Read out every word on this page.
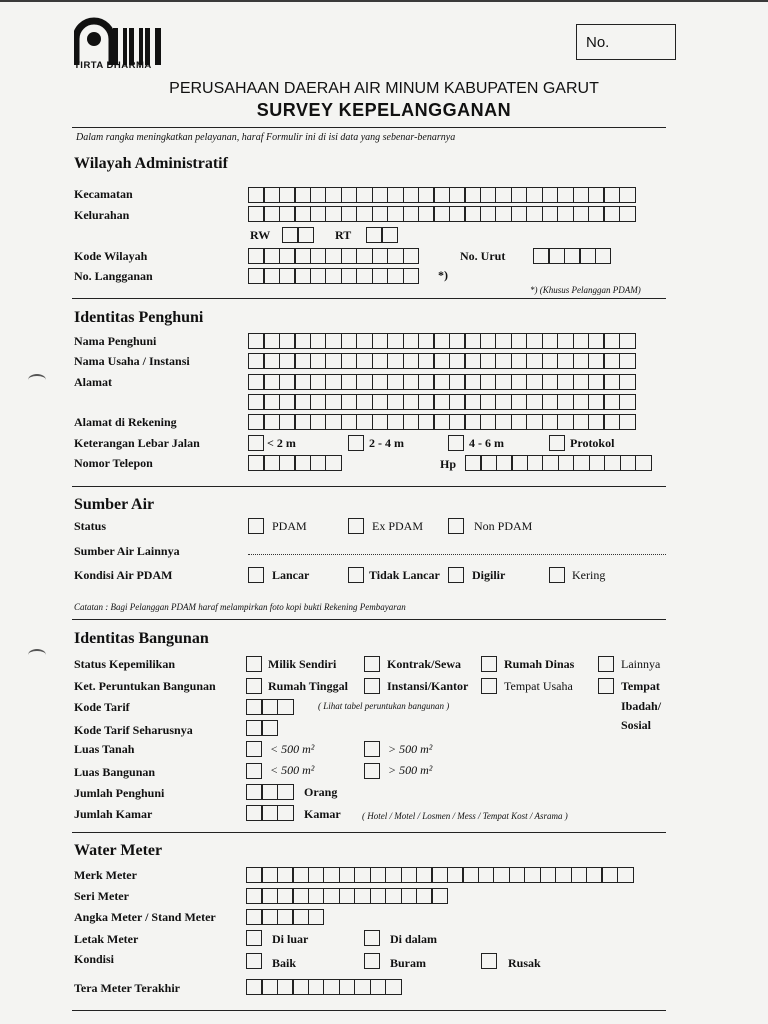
TIRTA DHARMA
No.
PERUSAHAAN DAERAH AIR MINUM KABUPATEN GARUT
SURVEY KEPELANGGANAN
Dalam rangka meningkatkan pelayanan, haraf Formulir ini di isi data yang sebenar-benarnya
Wilayah Administratif
Kecamatan
Kelurahan
RW	RT
Kode Wilayah	No. Urut
No. Langganan	*)
*) (Khusus Pelanggan PDAM)
Identitas Penghuni
Nama Penghuni
Nama Usaha / Instansi
Alamat
Alamat di Rekening
Keterangan Lebar Jalan	< 2 m	2 - 4 m	4 - 6 m	Protokol
Nomor Telepon	Hp
Sumber Air
Status	PDAM	Ex PDAM	Non PDAM
Sumber Air Lainnya
Kondisi Air PDAM	Lancar	Tidak Lancar	Digilir	Kering
Catatan : Bagi Pelanggan PDAM haraf melampirkan foto kopi bukti Rekening Pembayaran
Identitas Bangunan
Status Kepemilikan	Milik Sendiri	Kontrak/Sewa	Rumah Dinas	Lainnya
Ket. Peruntukan Bangunan	Rumah Tinggal	Instansi/Kantor	Tempat Usaha	Tempat
Ibadah/
Sosial
Kode Tarif	( Lihat tabel peruntukan bangunan )
Kode Tarif Seharusnya
Luas Tanah	< 500 m²	> 500 m²
Luas Bangunan	< 500 m²	> 500 m²
Jumlah Penghuni	Orang
Jumlah Kamar	Kamar ( Hotel / Motel / Losmen / Mess / Tempat Kost / Asrama )
Water Meter
Merk Meter
Seri Meter
Angka Meter / Stand Meter
Letak Meter	Di luar	Di dalam
Kondisi	Baik	Buram	Rusak
Tera Meter Terakhir
